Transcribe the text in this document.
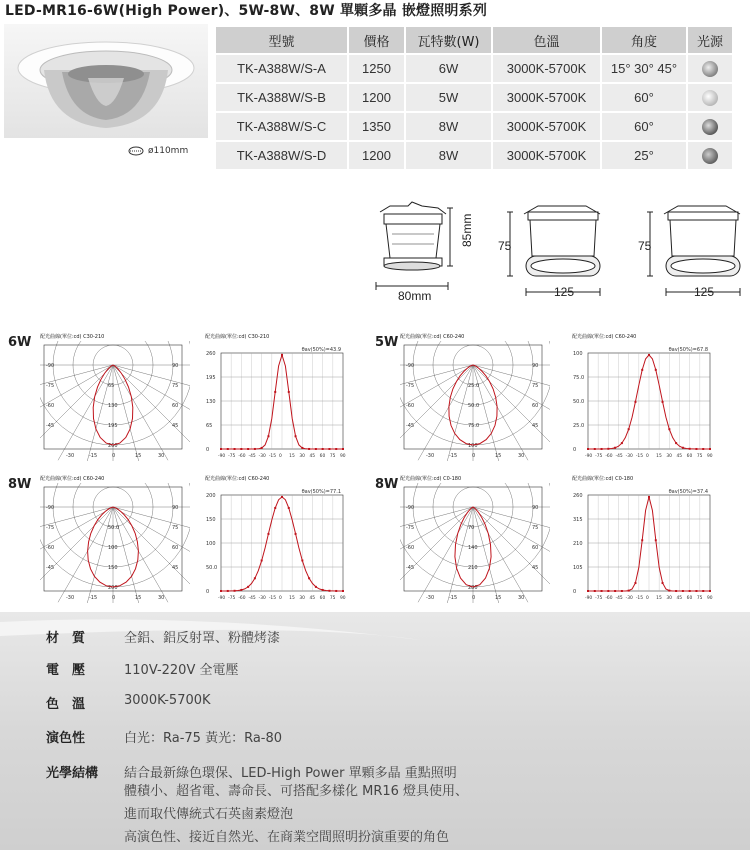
LED-MR16-6W(High Power)、5W-8W、8W 單顆多晶 嵌燈照明系列
ø110mm
型號	價格	瓦特數(W)	色溫	角度	光源
TK-A388W/S-A	1250	6W	3000K-5700K	15° 30° 45°	
TK-A388W/S-B	1200	5W	3000K-5700K	60°	
TK-A388W/S-C	1350	8W	3000K-5700K	60°	
TK-A388W/S-D	1200	8W	3000K-5700K	25°	
85mm
80mm
75
125
75
125
6W	5W
8W	8W
配光曲線(單位:cd) C30-210
65
130
195
260
-90
-75
-60
-45
90
75
60
45
-30	-15	0	15	30
配光曲線(單位:cd) C30-210
260
195
130
65
0
-90 -75 -60 -45 -30 -15 0 15 30 45 60 75 90
θav(50%)=43.9
配光曲線(單位:cd) C60-240
25.0
50.0
75.0
100
-90
-75
-60
-45
90
75
60
45
-30	-15	0	15	30
配光曲線(單位:cd) C60-240
100
75.0
50.0
25.0
0
-90 -75 -60 -45 -30 -15 0 15 30 45 60 75 90
θav(50%)=67.8
配光曲線(單位:cd) C60-240
50.0
100
150
200
-90
-75
-60
-45
90
75
60
45
-30	-15	0	15	30
配光曲線(單位:cd) C60-240
200
150
100
50.0
0
-90 -75 -60 -45 -30 -15 0 15 30 45 60 75 90
θav(50%)=77.1
配光曲線(單位:cd) C0-180
70
140
210
280
-90
-75
-60
-45
90
75
60
45
-30	-15	0	15	30
配光曲線(單位:cd) C0-180
260
315
210
105
0
-90 -75 -60 -45 -30 -15 0 15 30 45 60 75 90
θav(50%)=37.4
材　質	全鋁、鋁反射罩、粉體烤漆
電　壓	110V-220V 全電壓
色　溫	3000K-5700K
演色性	白光：Ra-75 黃光：Ra-80
光學結構	結合最新綠色環保、LED-High Power 單顆多晶 重點照明
體積小、超省電、壽命長、可搭配多樣化 MR16 燈具使用、
進而取代傳統式石英鹵素燈泡
高演色性、接近自然光、在商業空間照明扮演重要的角色
